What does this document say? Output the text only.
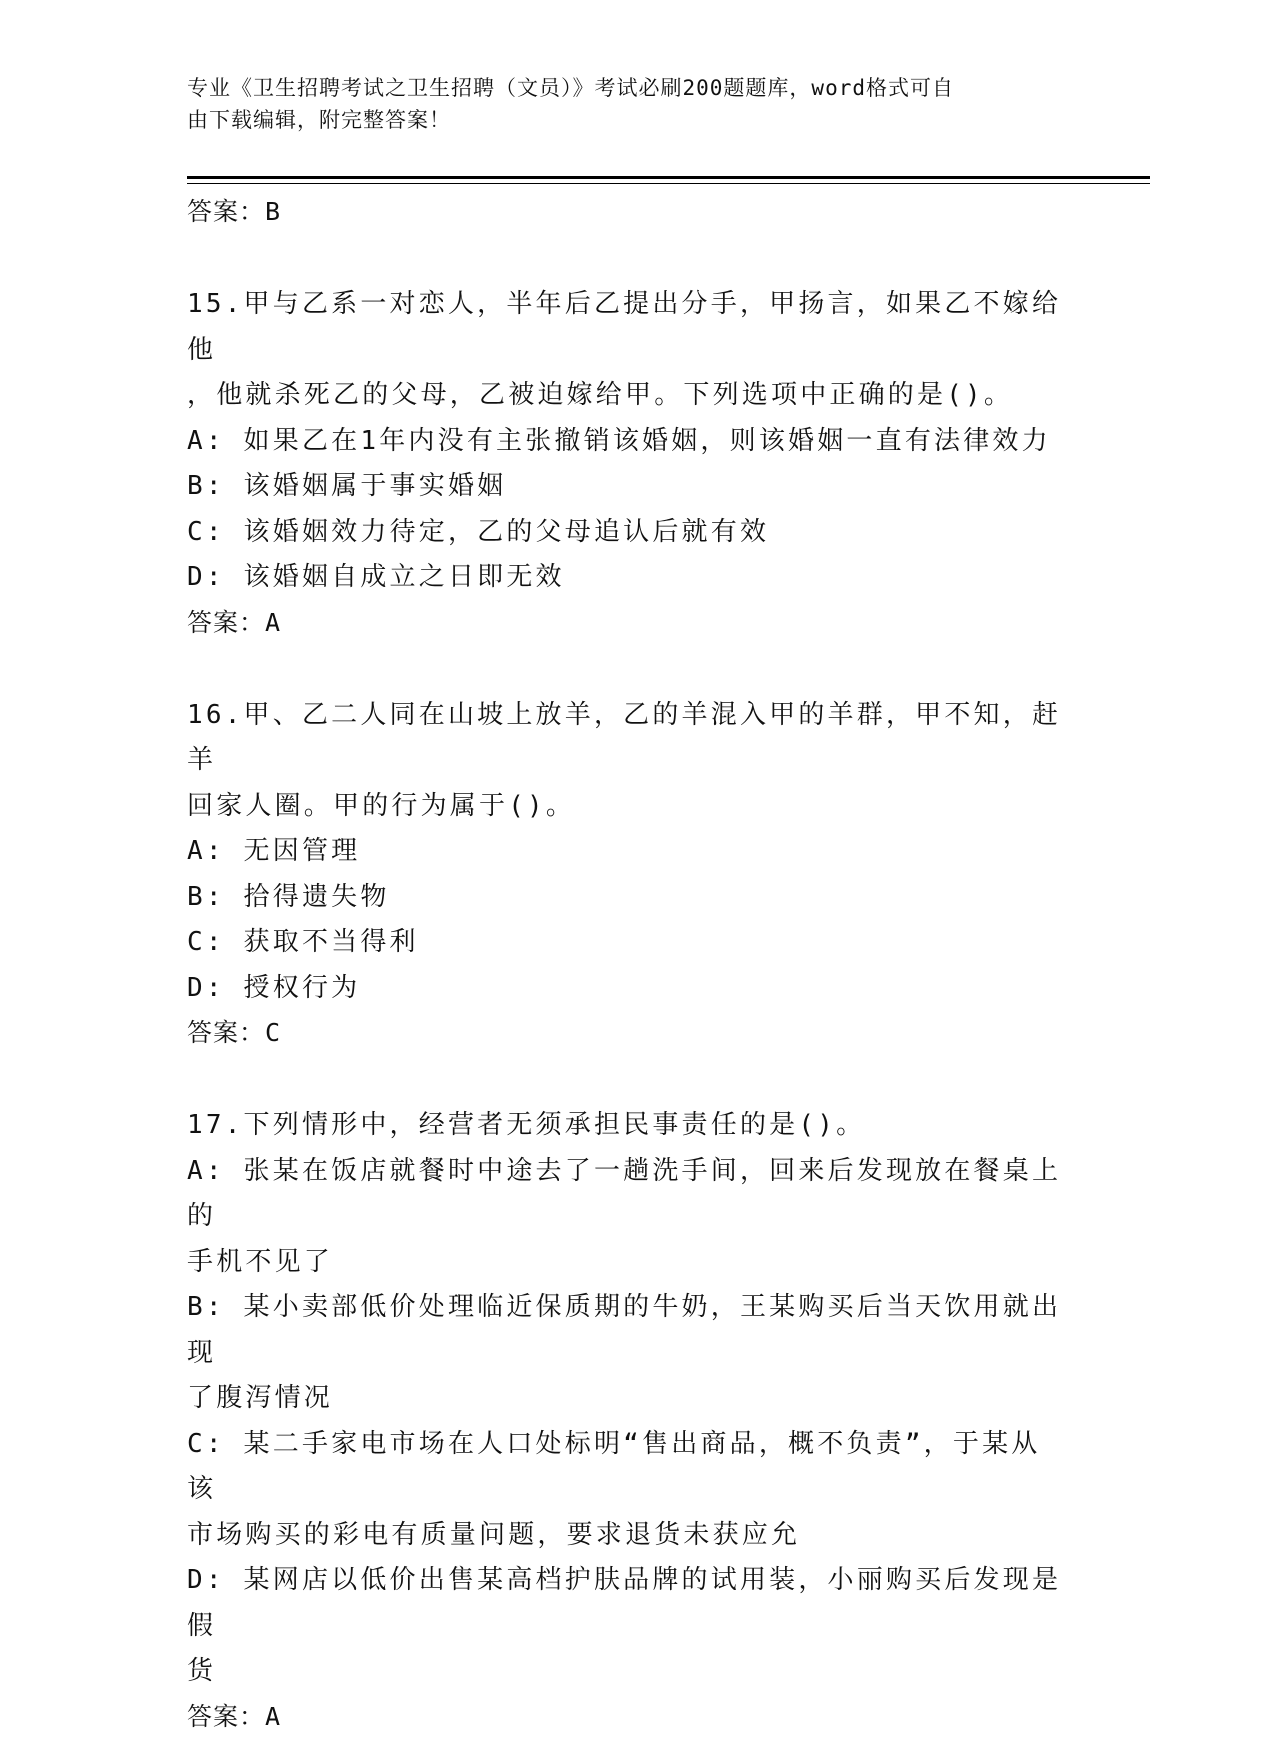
专业《卫生招聘考试之卫生招聘（文员）》考试必刷200题题库，word格式可自
由下载编辑，附完整答案！
答案：B
15.甲与乙系一对恋人，半年后乙提出分手，甲扬言，如果乙不嫁给他
，他就杀死乙的父母，乙被迫嫁给甲。下列选项中正确的是()。
A: 如果乙在1年内没有主张撤销该婚姻，则该婚姻一直有法律效力
B: 该婚姻属于事实婚姻
C: 该婚姻效力待定，乙的父母追认后就有效
D: 该婚姻自成立之日即无效
答案：A
16.甲、乙二人同在山坡上放羊，乙的羊混入甲的羊群，甲不知，赶羊
回家人圈。甲的行为属于()。
A: 无因管理
B: 拾得遗失物
C: 获取不当得利
D: 授权行为
答案：C
17.下列情形中，经营者无须承担民事责任的是()。
A: 张某在饭店就餐时中途去了一趟洗手间，回来后发现放在餐桌上的
手机不见了
B: 某小卖部低价处理临近保质期的牛奶，王某购买后当天饮用就出现
了腹泻情况
C: 某二手家电市场在人口处标明“售出商品，概不负责”，于某从该
市场购买的彩电有质量问题，要求退货未获应允
D: 某网店以低价出售某高档护肤品牌的试用装，小丽购买后发现是假
货
答案：A
